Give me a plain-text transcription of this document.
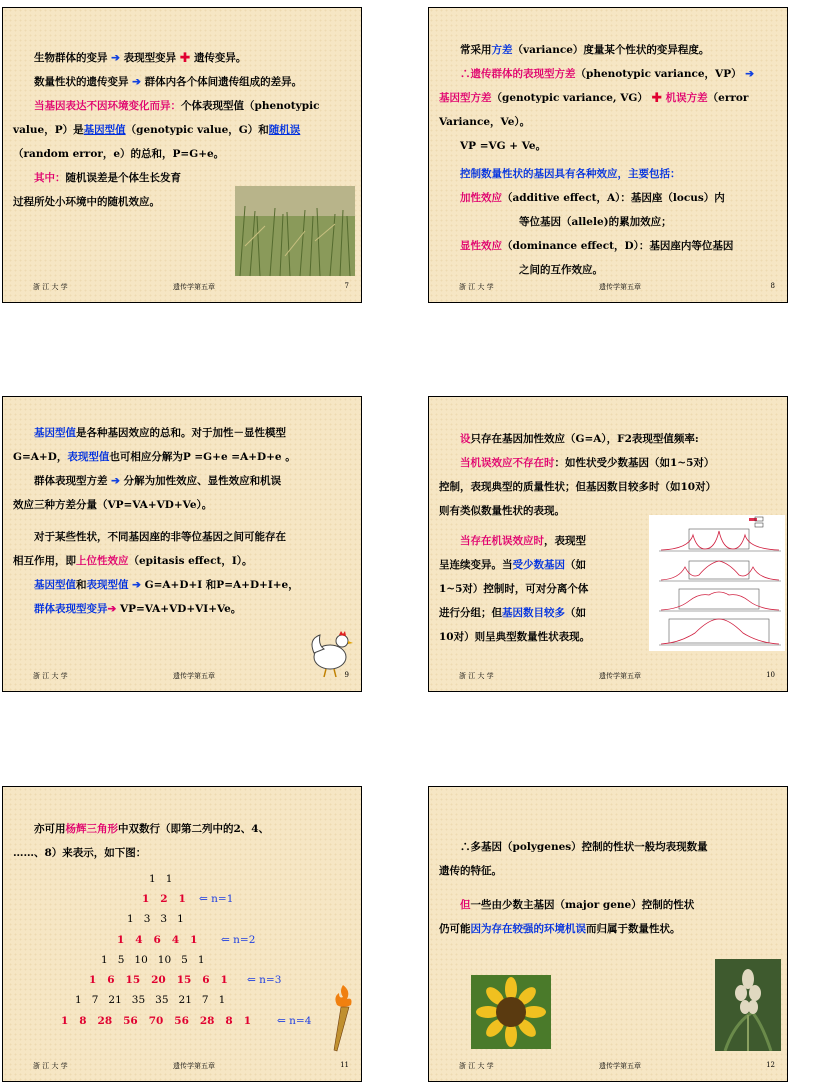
生物群体的变异 ➔ 表现型变异 ✚ 遗传变异。

数量性状的遗传变异 ➔ 群体内各个体间遗传组成的差异。

当基因表达不因环境变化而异：个体表现型值（phenotypic

value，P）是基因型值（genotypic value，G）和随机误

（random error，e）的总和，P=G+e。

其中：随机误差是个体生长发育

过程所处小环境中的随机效应。

浙 江 大 学	遗传学第五章	7

常采用方差（variance）度量某个性状的变异程度。

∴遗传群体的表现型方差（phenotypic variance，VP） ➔

基因型方差（genotypic variance, VG） ✚ 机误方差（error

Variance，Ve）。

VP =VG + Ve。

控制数量性状的基因具有各种效应，主要包括：

加性效应（additive effect，A）：基因座（locus）内

等位基因（allele)的累加效应；

显性效应（dominance effect，D）：基因座内等位基因

之间的互作效应。

浙 江 大 学	遗传学第五章	8

基因型值是各种基因效应的总和。对于加性－显性模型

G=A+D，表现型值也可相应分解为P =G+e =A+D+e 。

群体表现型方差 ➔ 分解为加性效应、显性效应和机误

效应三种方差分量（VP=VA+VD+Ve）。

对于某些性状，不同基因座的非等位基因之间可能存在

相互作用，即上位性效应（epitasis effect，I）。

基因型值和表现型值 ➔ G=A+D+I 和P=A+D+I+e，

群体表现型变异➔ VP=VA+VD+VI+Ve。

浙 江 大 学	遗传学第五章	9

设只存在基因加性效应（G=A），F2表现型值频率:

当机误效应不存在时：如性状受少数基因（如1~5对）

控制，表现典型的质量性状；但基因数目较多时（如10对）

则有类似数量性状的表现。

当存在机误效应时，表现型

呈连续变异。当受少数基因（如

1~5对）控制时，可对分离个体

进行分组；但基因数目较多（如

10对）则呈典型数量性状表现。

浙 江 大 学	遗传学第五章	10

亦可用杨辉三角形中双数行（即第二列中的2、4、

……、8）来表示，如下图：

1   1
1   2   1 ⇐ n=1
1   3   3   1
1   4   6   4   1 ⇐ n=2
1   5   10   10   5   1
1   6   15   20   15   6   1 ⇐ n=3
1   7   21   35   35   21   7   1
1   8   28   56   70   56   28   8   1 ⇐ n=4
浙 江 大 学	遗传学第五章	11

∴多基因（polygenes）控制的性状一般均表现数量

遗传的特征。

但一些由少数主基因（major gene）控制的性状

仍可能因为存在较强的环境机误而归属于数量性状。

浙 江 大 学	遗传学第五章	12
